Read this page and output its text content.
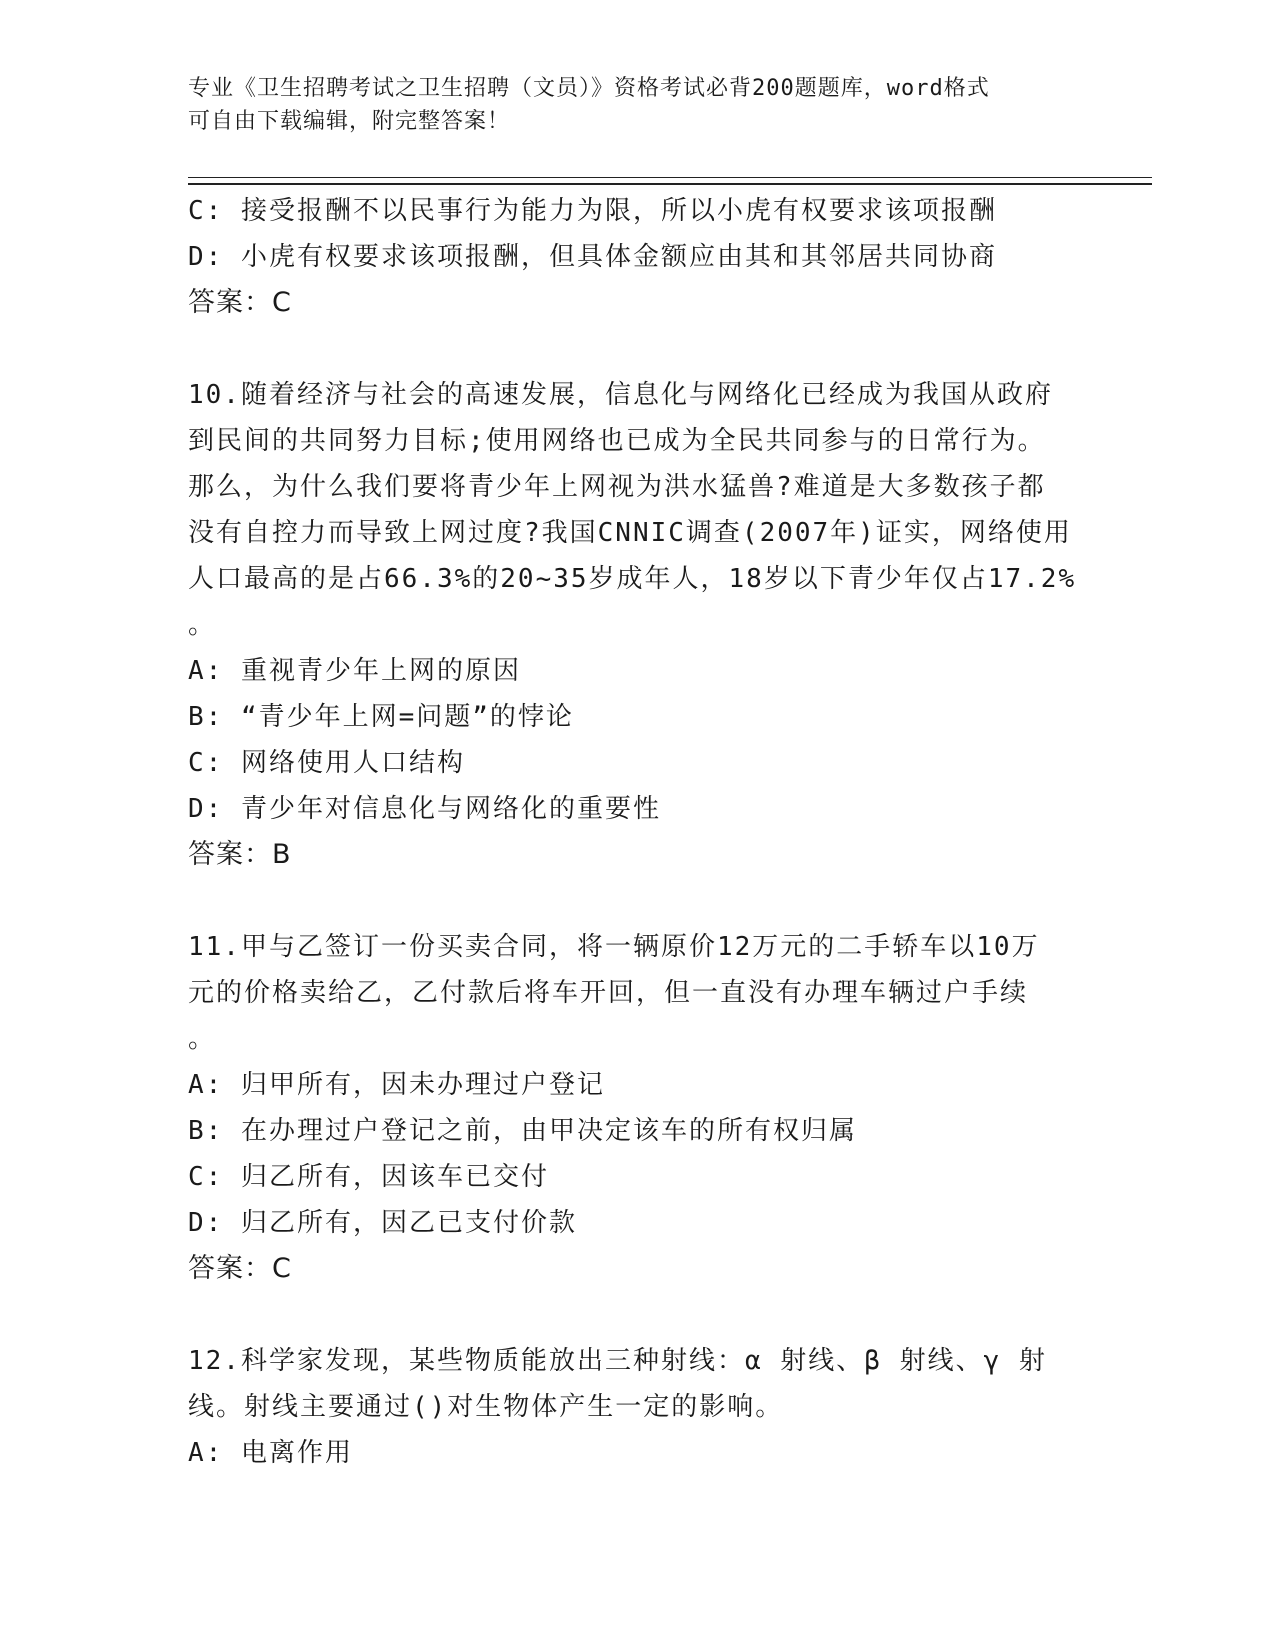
专业《卫生招聘考试之卫生招聘（文员）》资格考试必背200题题库，word格式
可自由下载编辑，附完整答案！
C: 接受报酬不以民事行为能力为限，所以小虎有权要求该项报酬
D: 小虎有权要求该项报酬，但具体金额应由其和其邻居共同协商
答案：C
10.随着经济与社会的高速发展，信息化与网络化已经成为我国从政府
到民间的共同努力目标;使用网络也已成为全民共同参与的日常行为。
那么，为什么我们要将青少年上网视为洪水猛兽?难道是大多数孩子都
没有自控力而导致上网过度?我国CNNIC调查(2007年)证实，网络使用
人口最高的是占66.3%的20~35岁成年人，18岁以下青少年仅占17.2%
。
A: 重视青少年上网的原因
B: “青少年上网=问题”的悖论
C: 网络使用人口结构
D: 青少年对信息化与网络化的重要性
答案：B
11.甲与乙签订一份买卖合同，将一辆原价12万元的二手轿车以10万
元的价格卖给乙，乙付款后将车开回，但一直没有办理车辆过户手续
。
A: 归甲所有，因未办理过户登记
B: 在办理过户登记之前，由甲决定该车的所有权归属
C: 归乙所有，因该车已交付
D: 归乙所有，因乙已支付价款
答案：C
12.科学家发现，某些物质能放出三种射线：α 射线、β 射线、γ 射
线。射线主要通过()对生物体产生一定的影响。
A: 电离作用
